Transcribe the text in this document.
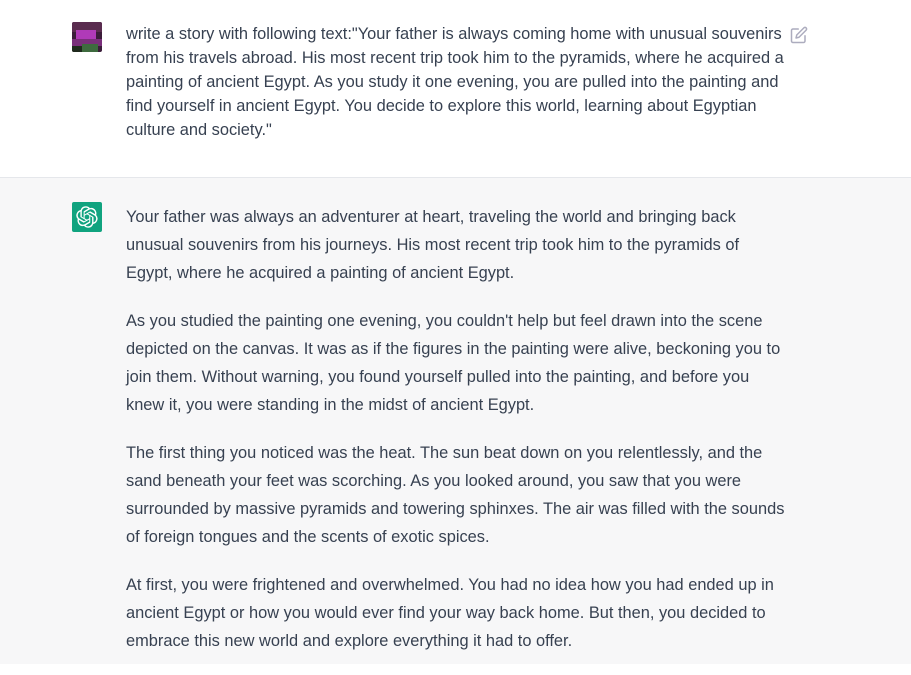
write a story with following text:"Your father is always coming home with unusual souvenirs from his travels abroad. His most recent trip took him to the pyramids, where he acquired a painting of ancient Egypt. As you study it one evening, you are pulled into the painting and find yourself in ancient Egypt. You decide to explore this world, learning about Egyptian culture and society."

Your father was always an adventurer at heart, traveling the world and bringing back unusual souvenirs from his journeys. His most recent trip took him to the pyramids of Egypt, where he acquired a painting of ancient Egypt.

As you studied the painting one evening, you couldn't help but feel drawn into the scene depicted on the canvas. It was as if the figures in the painting were alive, beckoning you to join them. Without warning, you found yourself pulled into the painting, and before you knew it, you were standing in the midst of ancient Egypt.

The first thing you noticed was the heat. The sun beat down on you relentlessly, and the sand beneath your feet was scorching. As you looked around, you saw that you were surrounded by massive pyramids and towering sphinxes. The air was filled with the sounds of foreign tongues and the scents of exotic spices.

At first, you were frightened and overwhelmed. You had no idea how you had ended up in ancient Egypt or how you would ever find your way back home. But then, you decided to embrace this new world and explore everything it had to offer.
